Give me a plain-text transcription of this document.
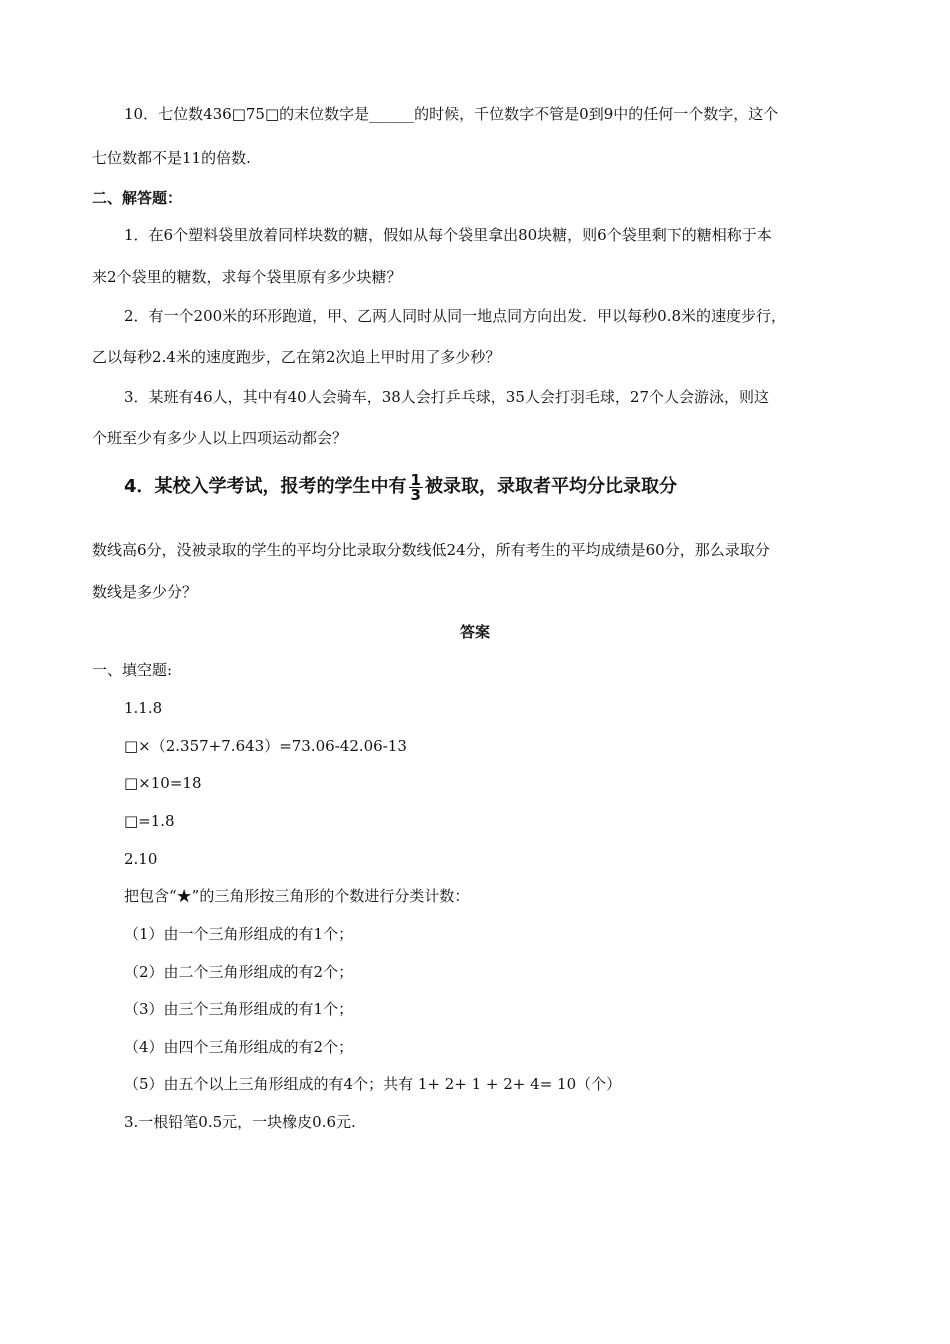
10．七位数436□75□的末位数字是______的时候，千位数字不管是0到9中的任何一个数字，这个
七位数都不是11的倍数.
二、解答题：
1．在6个塑料袋里放着同样块数的糖，假如从每个袋里拿出80块糖，则6个袋里剩下的糖相称于本
来2个袋里的糖数，求每个袋里原有多少块糖？
2．有一个200米的环形跑道，甲、乙两人同时从同一地点同方向出发．甲以每秒0.8米的速度步行，
乙以每秒2.4米的速度跑步，乙在第2次追上甲时用了多少秒？
3．某班有46人，其中有40人会骑车，38人会打乒乓球，35人会打羽毛球，27个人会游泳，则这
个班至少有多少人以上四项运动都会？
4．某校入学考试，报考的学生中有 $\frac{1}{3}$ 被录取，录取者平均分比录取分
数线高6分，没被录取的学生的平均分比录取分数线低24分，所有考生的平均成绩是60分，那么录取分
数线是多少分？
答案
一、填空题:
1.1.8
□×（2.357+7.643）=73.06-42.06-13
□×10=18
□=1.8
2.10
把包含“★”的三角形按三角形的个数进行分类计数：
（1）由一个三角形组成的有1个；
（2）由二个三角形组成的有2个；
（3）由三个三角形组成的有1个；
（4）由四个三角形组成的有2个；
（5）由五个以上三角形组成的有4个；共有 1+ 2+ 1 + 2+ 4= 10（个）
3.一根铅笔0.5元，一块橡皮0.6元.
